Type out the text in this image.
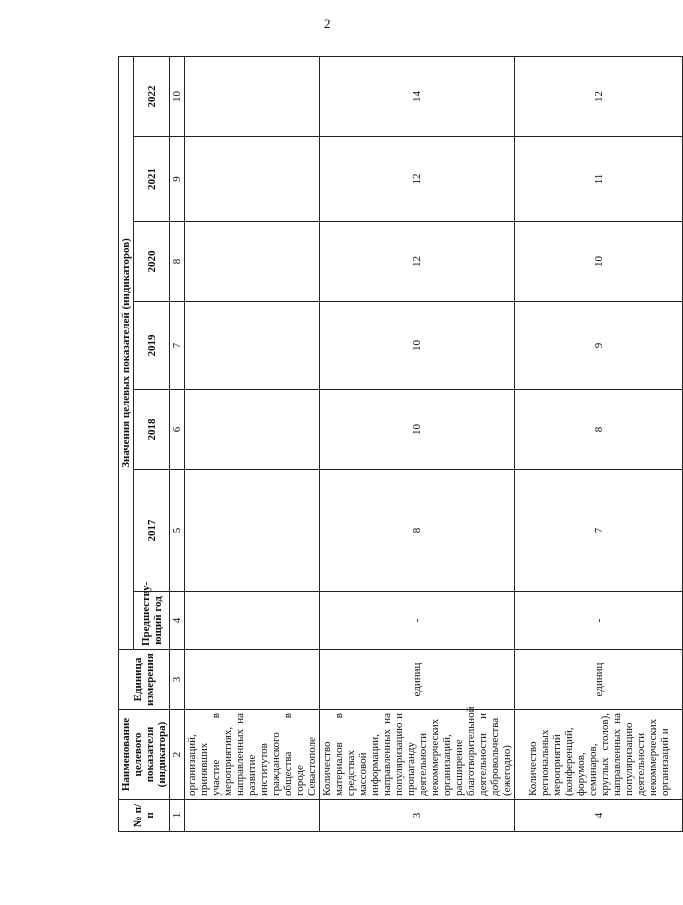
2
№ п/п	Наименование целевого показателя (индикатора)	Единица измерения	Значения целевых показателей (индикаторов)						
			Предшеству-ющий год	2017	2018	2019	2020	2021	2022
1	2	3	4	5	6	7	8	9	10
	организаций, принявших участие в мероприятиях, направленных на развитие институтов гражданского общества в городе Севастополе								
3	Количество материалов в средствах массовой информации, направленных на популяризацию и пропаганду деятельности некоммерческих организаций, расширение благотворительной деятельности и добровольчества (ежегодно)	единиц	-	8	10	10	12	12	14
4	Количество региональных мероприятий (конференций, форумов, семинаров, круглых столов), направленных на популяризацию деятельности некоммерческих организаций и	единиц	-	7	8	9	10	11	12
